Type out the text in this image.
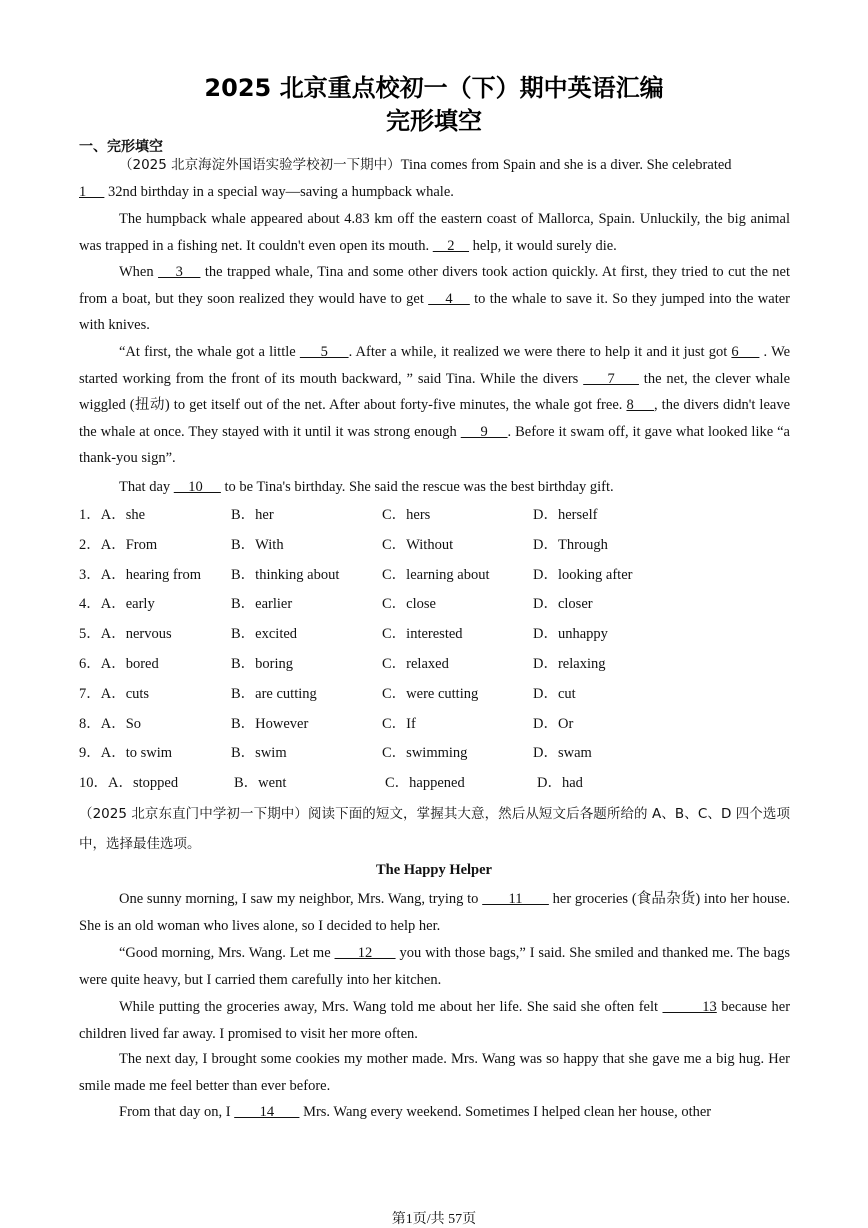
2025 北京重点校初一（下）期中英语汇编
完形填空
一、完形填空

（2025 北京海淀外国语实验学校初一下期中）Tina comes from Spain and she is a diver. She celebrated

1      32nd birthday in a special way—saving a humpback whale.

The humpback whale appeared about 4.83 km off the eastern coast of Mallorca, Spain. Unluckily, the big animal was trapped in a fishing net. It couldn't even open its mouth.     2     help, it would surely die.

When     3     the trapped whale, Tina and some other divers took action quickly. At first, they tried to cut the net from a boat, but they soon realized they would have to get     4     to the whale to save it. So they jumped into the water with knives.

“At first, the whale got a little      5     . After a while, it realized we were there to help it and it just got 6      . We started working from the front of its mouth backward, ” said Tina. While the divers      7      the net, the clever whale wiggled (扭动) to get itself out of the net. After about forty-five minutes, the whale got free. 8     , the divers didn't leave the whale at once. They stayed with it until it was strong enough      9     . Before it swam off, it gave what looked like “a thank-you sign”.

That day     10      to be Tina's birthday. She said the rescue was the best birthday gift.

1．A．she	B．her	C．hers	D．herself
2．A．From	B．With	C．Without	D．Through
3．A．hearing from B．thinking about	C．learning about	D．looking after
4．A．early	B．earlier	C．close	D．closer
5．A．nervous	B．excited	C．interested	D．unhappy
6．A．bored	B．boring	C．relaxed	D．relaxing
7．A．cuts	B．are cutting	C．were cutting	D．cut
8．A．So	B．However	C．If	D．Or
9．A．to swim	B．swim	C．swimming	D．swam
10．A．stopped	B．went	C．happened	D．had

（2025 北京东直门中学初一下期中）阅读下面的短文，掌握其大意，然后从短文后各题所给的 A、B、C、D 四个选项中，选择最佳选项。

The Happy Helper

One sunny morning, I saw my neighbor, Mrs. Wang, trying to        11        her groceries (食品杂货) into her house. She is an old woman who lives alone, so I decided to help her.

“Good morning, Mrs. Wang. Let me       12       you with those bags,” I said. She smiled and thanked me. The bags were quite heavy, but I carried them carefully into her kitchen.

While putting the groceries away, Mrs. Wang told me about her life. She said she often felt          13 because her children lived far away. I promised to visit her more often.

The next day, I brought some cookies my mother made. Mrs. Wang was so happy that she gave me a big hug. Her smile made me feel better than ever before.

From that day on, I        14        Mrs. Wang every weekend. Sometimes I helped clean her house, other

第1页/共 57页
